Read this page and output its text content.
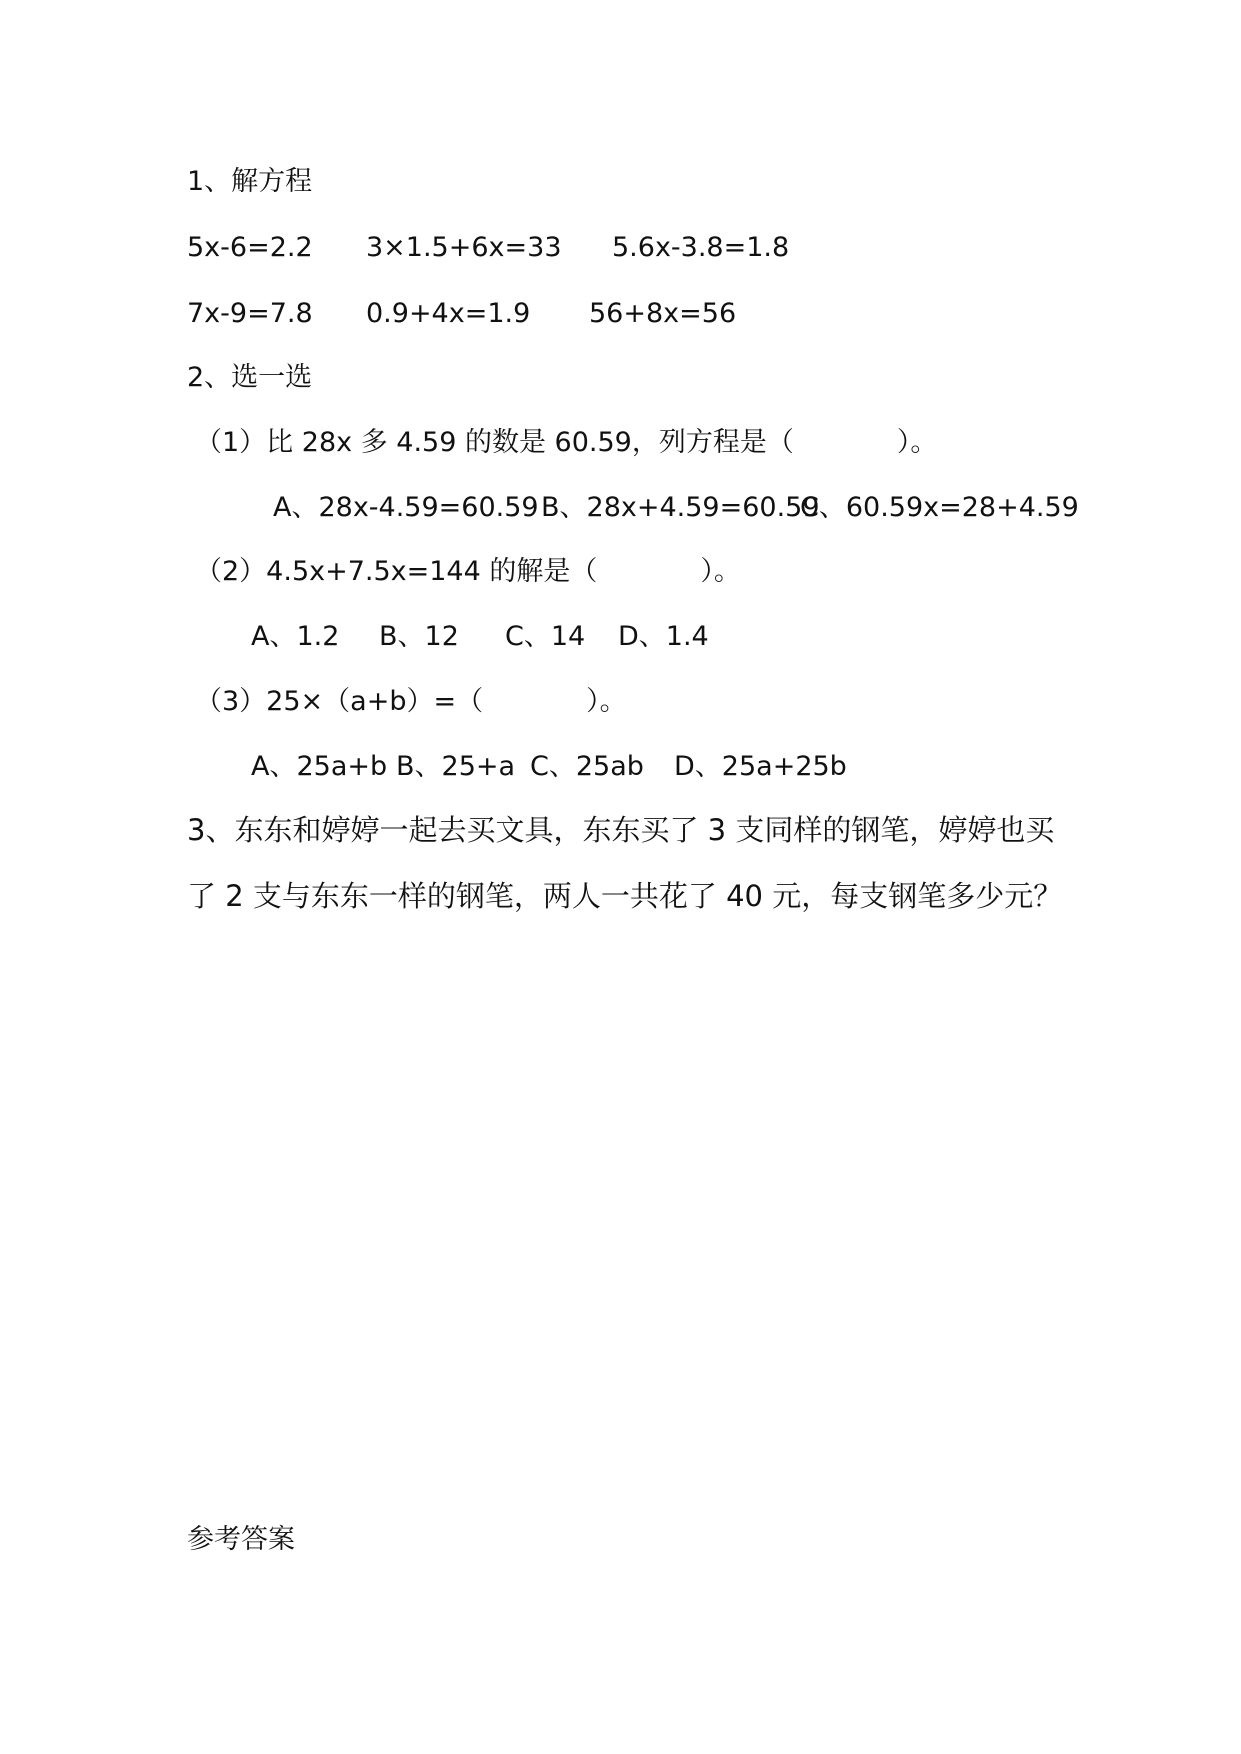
1、解方程
5x-6=2.2 3×1.5+6x=33 5.6x-3.8=1.8
7x-9=7.8 0.9+4x=1.9 56+8x=56
2、选一选
（1）比 28x 多 4.59 的数是 60.59，列方程是（            ）。
A、28x-4.59=60.59 B、28x+4.59=60.59
C、60.59x=28+4.59
（2）4.5x+7.5x=144 的解是（            ）。
A、1.2 B、12 C、14 D、1.4
（3）25×（a+b）=（            ）。
A、25a+b B、25+a C、25ab D、25a+25b
3、东东和婷婷一起去买文具，东东买了 3 支同样的钢笔，婷婷也买
了 2 支与东东一样的钢笔，两人一共花了 40 元，每支钢笔多少元？
参考答案
